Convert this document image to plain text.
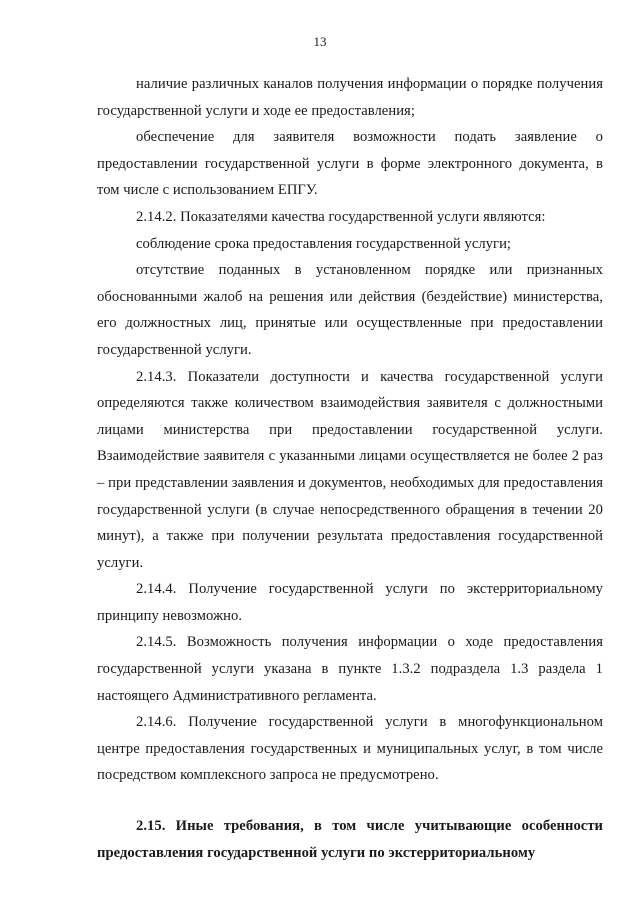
13

наличие различных каналов получения информации о порядке получения государственной услуги и ходе ее предоставления;

обеспечение для заявителя возможности подать заявление о предоставлении государственной услуги в форме электронного документа, в том числе с использованием ЕПГУ.

2.14.2. Показателями качества государственной услуги являются:

соблюдение срока предоставления государственной услуги;

отсутствие поданных в установленном порядке или признанных обоснованными жалоб на решения или действия (бездействие) министерства, его должностных лиц, принятые или осуществленные при предоставлении государственной услуги.

2.14.3. Показатели доступности и качества государственной услуги определяются также количеством взаимодействия заявителя с должностными лицами министерства при предоставлении государственной услуги. Взаимодействие заявителя с указанными лицами осуществляется не более 2 раз – при представлении заявления и документов, необходимых для предоставления государственной услуги (в случае непосредственного обращения в течении 20 минут), а также при получении результата предоставления государственной услуги.

2.14.4. Получение государственной услуги по экстерриториальному принципу невозможно.

2.14.5. Возможность получения информации о ходе предоставления государственной услуги указана в пункте 1.3.2 подраздела 1.3 раздела 1 настоящего Административного регламента.

2.14.6. Получение государственной услуги в многофункциональном центре предоставления государственных и муниципальных услуг, в том числе посредством комплексного запроса не предусмотрено.

2.15. Иные требования, в том числе учитывающие особенности предоставления государственной услуги по экстерриториальному
